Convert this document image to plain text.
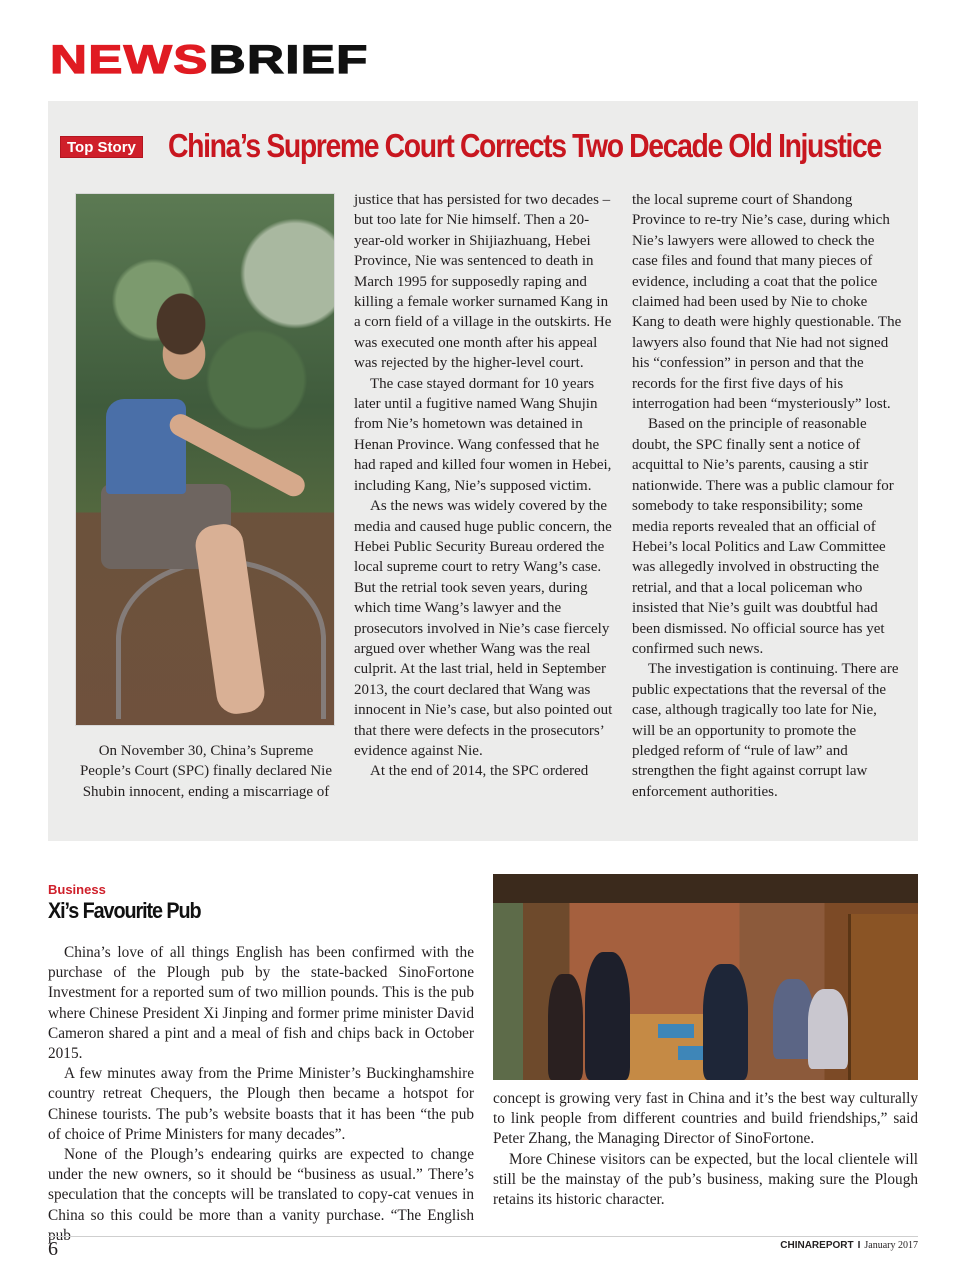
NEWSBRIEF
Top Story China’s Supreme Court Corrects Two Decade Old Injustice

On November 30, China’s Supreme People’s Court (SPC) finally declared Nie Shubin innocent, ending a miscarriage of

justice that has persisted for two decades – but too late for Nie himself. Then a 20-year-old worker in Shijiazhuang, Hebei Province, Nie was sentenced to death in March 1995 for supposedly raping and killing a female worker surnamed Kang in a corn field of a village in the outskirts. He was executed one month after his appeal was rejected by the higher-level court.

The case stayed dormant for 10 years later until a fugitive named Wang Shujin from Nie’s hometown was detained in Henan Province. Wang confessed that he had raped and killed four women in Hebei, including Kang, Nie’s supposed victim.

As the news was widely covered by the media and caused huge public concern, the Hebei Public Security Bureau ordered the local supreme court to retry Wang’s case. But the retrial took seven years, during which time Wang’s lawyer and the prosecutors involved in Nie’s case fiercely argued over whether Wang was the real culprit. At the last trial, held in September 2013, the court declared that Wang was innocent in Nie’s case, but also pointed out that there were defects in the prosecutors’ evidence against Nie.

At the end of 2014, the SPC ordered

the local supreme court of Shandong Province to re-try Nie’s case, during which Nie’s lawyers were allowed to check the case files and found that many pieces of evidence, including a coat that the police claimed had been used by Nie to choke Kang to death were highly questionable. The lawyers also found that Nie had not signed his “confession” in person and that the records for the first five days of his interrogation had been “mysteriously” lost.

Based on the principle of reasonable doubt, the SPC finally sent a notice of acquittal to Nie’s parents, causing a stir nationwide. There was a public clamour for somebody to take responsibility; some media reports revealed that an official of Hebei’s local Politics and Law Committee was allegedly involved in obstructing the retrial, and that a local policeman who insisted that Nie’s guilt was doubtful had been dismissed. No official source has yet confirmed such news.

The investigation is continuing. There are public expectations that the reversal of the case, although tragically too late for Nie, will be an opportunity to promote the pledged reform of “rule of law” and strengthen the fight against corrupt law enforcement authorities.

Business
Xi’s Favourite Pub

China’s love of all things English has been confirmed with the purchase of the Plough pub by the state-backed SinoFortone Investment for a reported sum of two million pounds. This is the pub where Chinese President Xi Jinping and former prime minister David Cameron shared a pint and a meal of fish and chips back in October 2015.

A few minutes away from the Prime Minister’s Buckinghamshire country retreat Chequers, the Plough then became a hotspot for Chinese tourists. The pub’s website boasts that it has been “the pub of choice of Prime Ministers for many decades”.

None of the Plough’s endearing quirks are expected to change under the new owners, so it should be “business as usual.” There’s speculation that the concepts will be translated to copy-cat venues in China so this could be more than a vanity purchase. “The English pub

concept is growing very fast in China and it’s the best way culturally to link people from different countries and build friendships,” said Peter Zhang, the Managing Director of SinoFortone.

More Chinese visitors can be expected, but the local clientele will still be the mainstay of the pub’s business, making sure the Plough retains its historic character.

6	CHINAREPORT I January 2017
